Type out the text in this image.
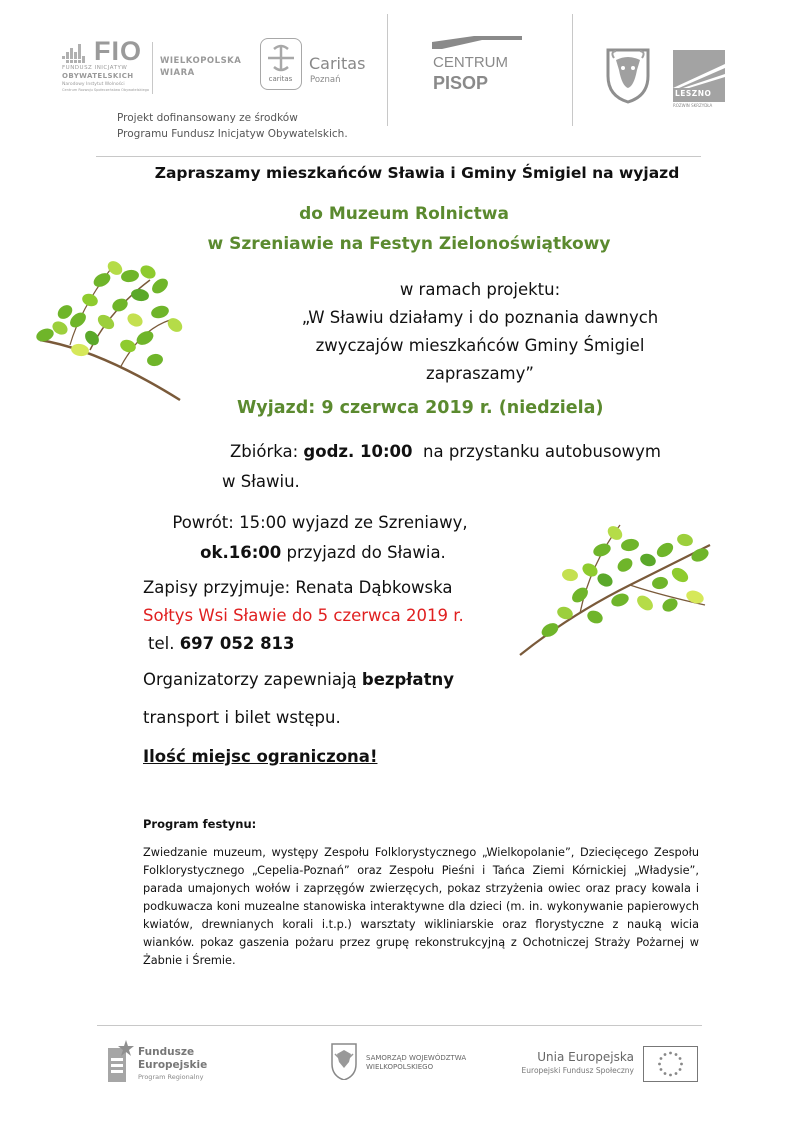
FIO
FUNDUSZ INICJATYW
OBYWATELSKICH
Narodowy Instytut Wolności
Centrum Rozwoju Społeczeństwa Obywatelskiego
WIELKOPOLSKA
WIARA
caritas
Caritas
Poznań
CENTRUM
PISOP
LESZNO
ROZWIN SKRZYDŁA
Projekt dofinansowany ze środków
Programu Fundusz Inicjatyw Obywatelskich.
Zapraszamy mieszkańców Sławia i Gminy Śmigiel na wyjazd
do Muzeum Rolnictwa
w Szreniawie na Festyn Zielonoświątkowy
w ramach projektu:
„W Sławiu działamy i do poznania dawnych
zwyczajów mieszkańców Gminy Śmigiel
zapraszamy”
Wyjazd: 9 czerwca 2019 r. (niedziela)
Zbiórka: godz. 10:00  na przystanku autobusowym
w Sławiu.
Powrót: 15:00 wyjazd ze Szreniawy,
ok.16:00 przyjazd do Sławia.
Zapisy przyjmuje: Renata Dąbkowska
Sołtys Wsi Sławie do 5 czerwca 2019 r.
tel. 697 052 813
Organizatorzy zapewniają bezpłatny
transport i bilet wstępu.
Ilość miejsc ograniczona!
Program festynu:
Zwiedzanie muzeum, występy Zespołu Folklorystycznego „Wielkopolanie”, Dziecięcego Zespołu Folklorystycznego „Cepelia-Poznań” oraz Zespołu Pieśni i Tańca Ziemi Kórnickiej „Władysie”, parada umajonych wołów i zaprzęgów zwierzęcych, pokaz strzyżenia owiec oraz pracy kowala i podkuwacza koni muzealne stanowiska interaktywne dla dzieci (m. in. wykonywanie papierowych kwiatów, drewnianych korali i.t.p.) warsztaty wikliniarskie oraz florystyczne z nauką wicia wianków. pokaz gaszenia pożaru przez grupę rekonstrukcyjną z Ochotniczej Straży Pożarnej w Żabnie i Śremie.
Fundusze
Europejskie
Program Regionalny
SAMORZĄD WOJEWÓDZTWA
WIELKOPOLSKIEGO
Unia Europejska
Europejski Fundusz Społeczny
